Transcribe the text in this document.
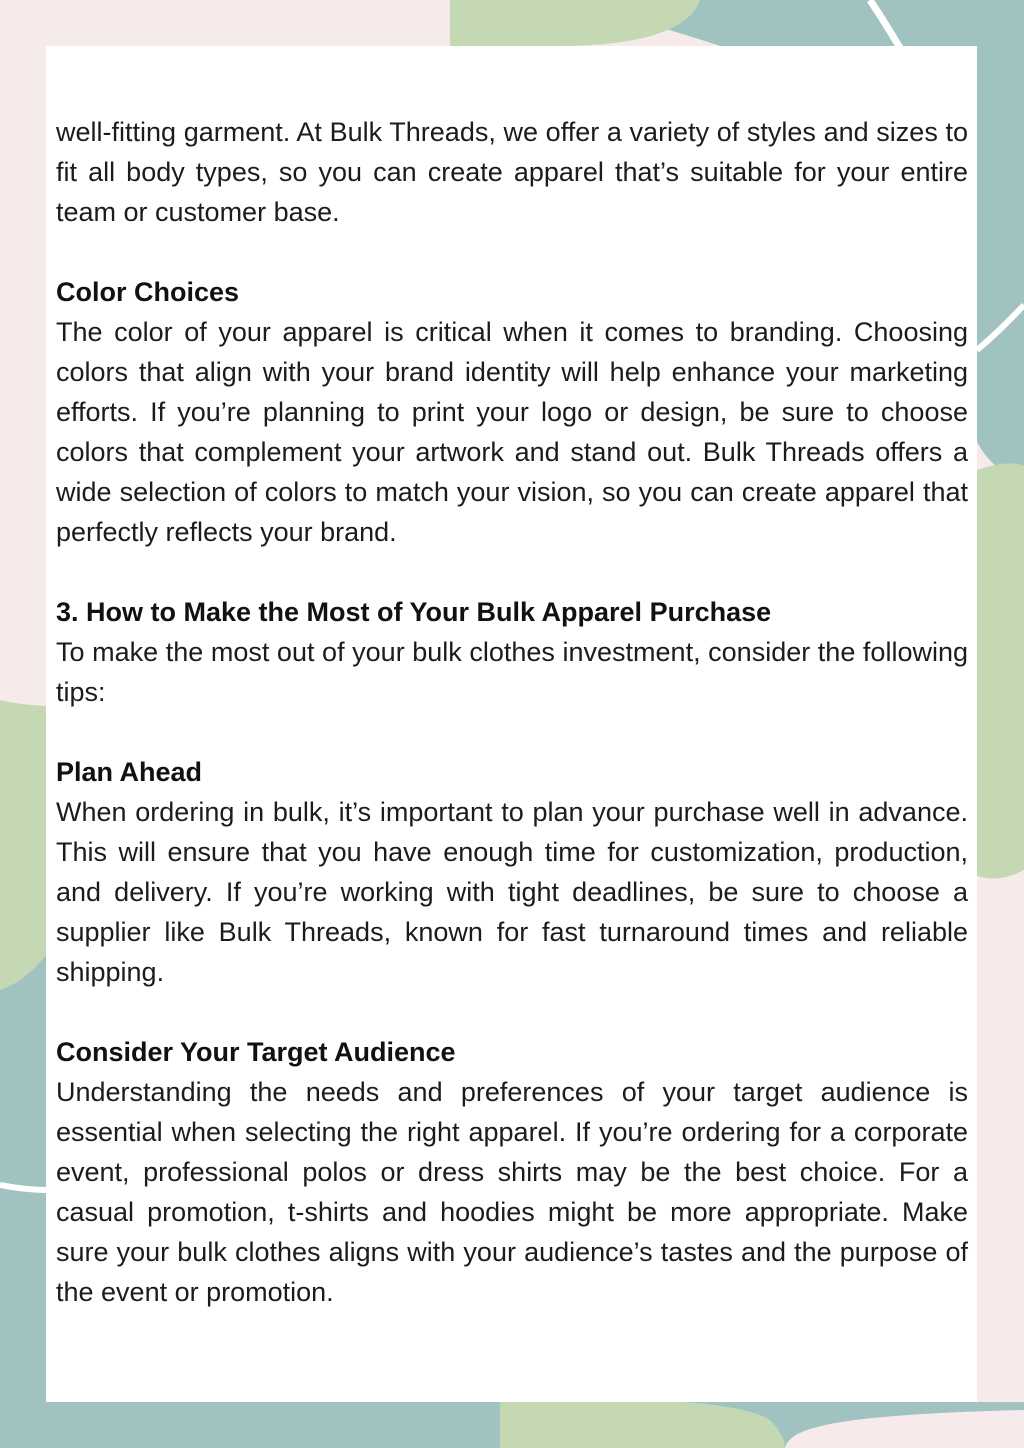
well-fitting garment. At Bulk Threads, we offer a variety of styles and sizes to fit all body types, so you can create apparel that’s suitable for your entire team or customer base.

Color Choices

The color of your apparel is critical when it comes to branding. Choosing colors that align with your brand identity will help enhance your marketing efforts. If you’re planning to print your logo or design, be sure to choose colors that complement your artwork and stand out. Bulk Threads offers a wide selection of colors to match your vision, so you can create apparel that perfectly reflects your brand.

3. How to Make the Most of Your Bulk Apparel Purchase

To make the most out of your bulk clothes investment, consider the following tips:

Plan Ahead

When ordering in bulk, it’s important to plan your purchase well in advance. This will ensure that you have enough time for customization, production, and delivery. If you’re working with tight deadlines, be sure to choose a supplier like Bulk Threads, known for fast turnaround times and reliable shipping.

Consider Your Target Audience

Understanding the needs and preferences of your target audience is essential when selecting the right apparel. If you’re ordering for a corporate event, professional polos or dress shirts may be the best choice. For a casual promotion, t-shirts and hoodies might be more appropriate. Make sure your bulk clothes aligns with your audience’s tastes and the purpose of the event or promotion.
